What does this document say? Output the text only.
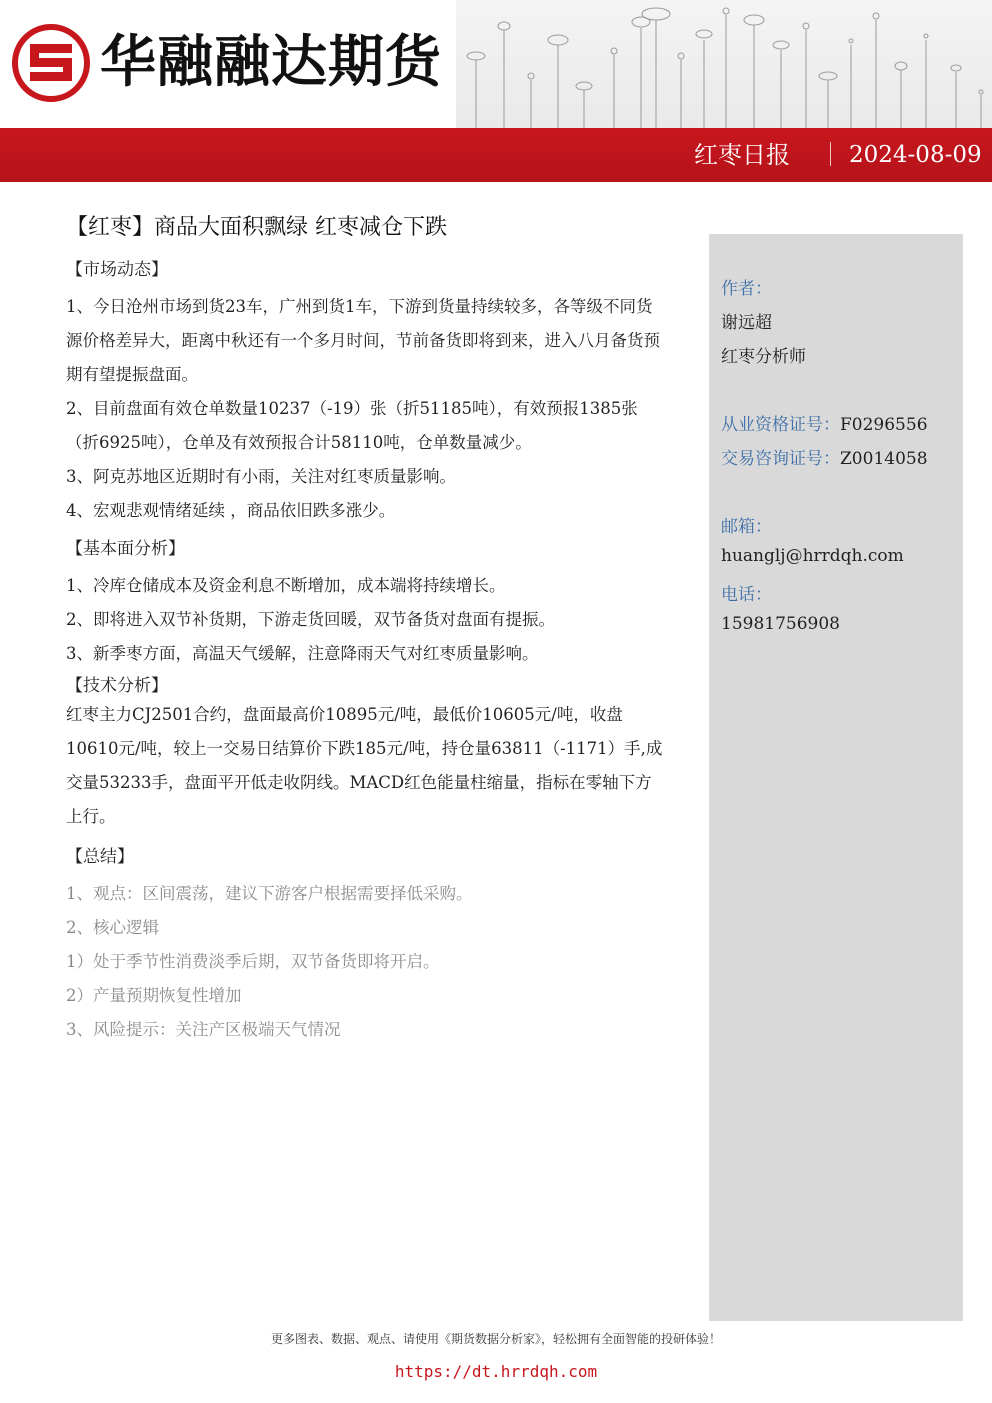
华融融达期货
红枣日报	2024-08-09
【红枣】商品大面积飘绿 红枣减仓下跌
【市场动态】

1、今日沧州市场到货23车，广州到货1车，下游到货量持续较多，各等级不同货源价格差异大，距离中秋还有一个多月时间，节前备货即将到来，进入八月备货预期有望提振盘面。

2、目前盘面有效仓单数量10237（-19）张（折51185吨），有效预报1385张（折6925吨），仓单及有效预报合计58110吨，仓单数量减少。

3、阿克苏地区近期时有小雨，关注对红枣质量影响。

4、宏观悲观情绪延续 ，商品依旧跌多涨少。

【基本面分析】

1、冷库仓储成本及资金利息不断增加，成本端将持续增长。

2、即将进入双节补货期，下游走货回暖，双节备货对盘面有提振。

3、新季枣方面，高温天气缓解，注意降雨天气对红枣质量影响。

【技术分析】

红枣主力CJ2501合约，盘面最高价10895元/吨，最低价10605元/吨，收盘10610元/吨，较上一交易日结算价下跌185元/吨，持仓量63811（-1171）手,成交量53233手，盘面平开低走收阴线。MACD红色能量柱缩量，指标在零轴下方上行。

【总结】

1、观点：区间震荡，建议下游客户根据需要择低采购。

2、核心逻辑

1）处于季节性消费淡季后期，双节备货即将开启。

2）产量预期恢复性增加

3、风险提示：关注产区极端天气情况

作者：
谢远超
红枣分析师
从业资格证号：F0296556
交易咨询证号：Z0014058
邮箱：
huanglj@hrrdqh.com
电话：
15981756908
更多图表、数据、观点、请使用《期货数据分析家》，轻松拥有全面智能的投研体验！
https://dt.hrrdqh.com
